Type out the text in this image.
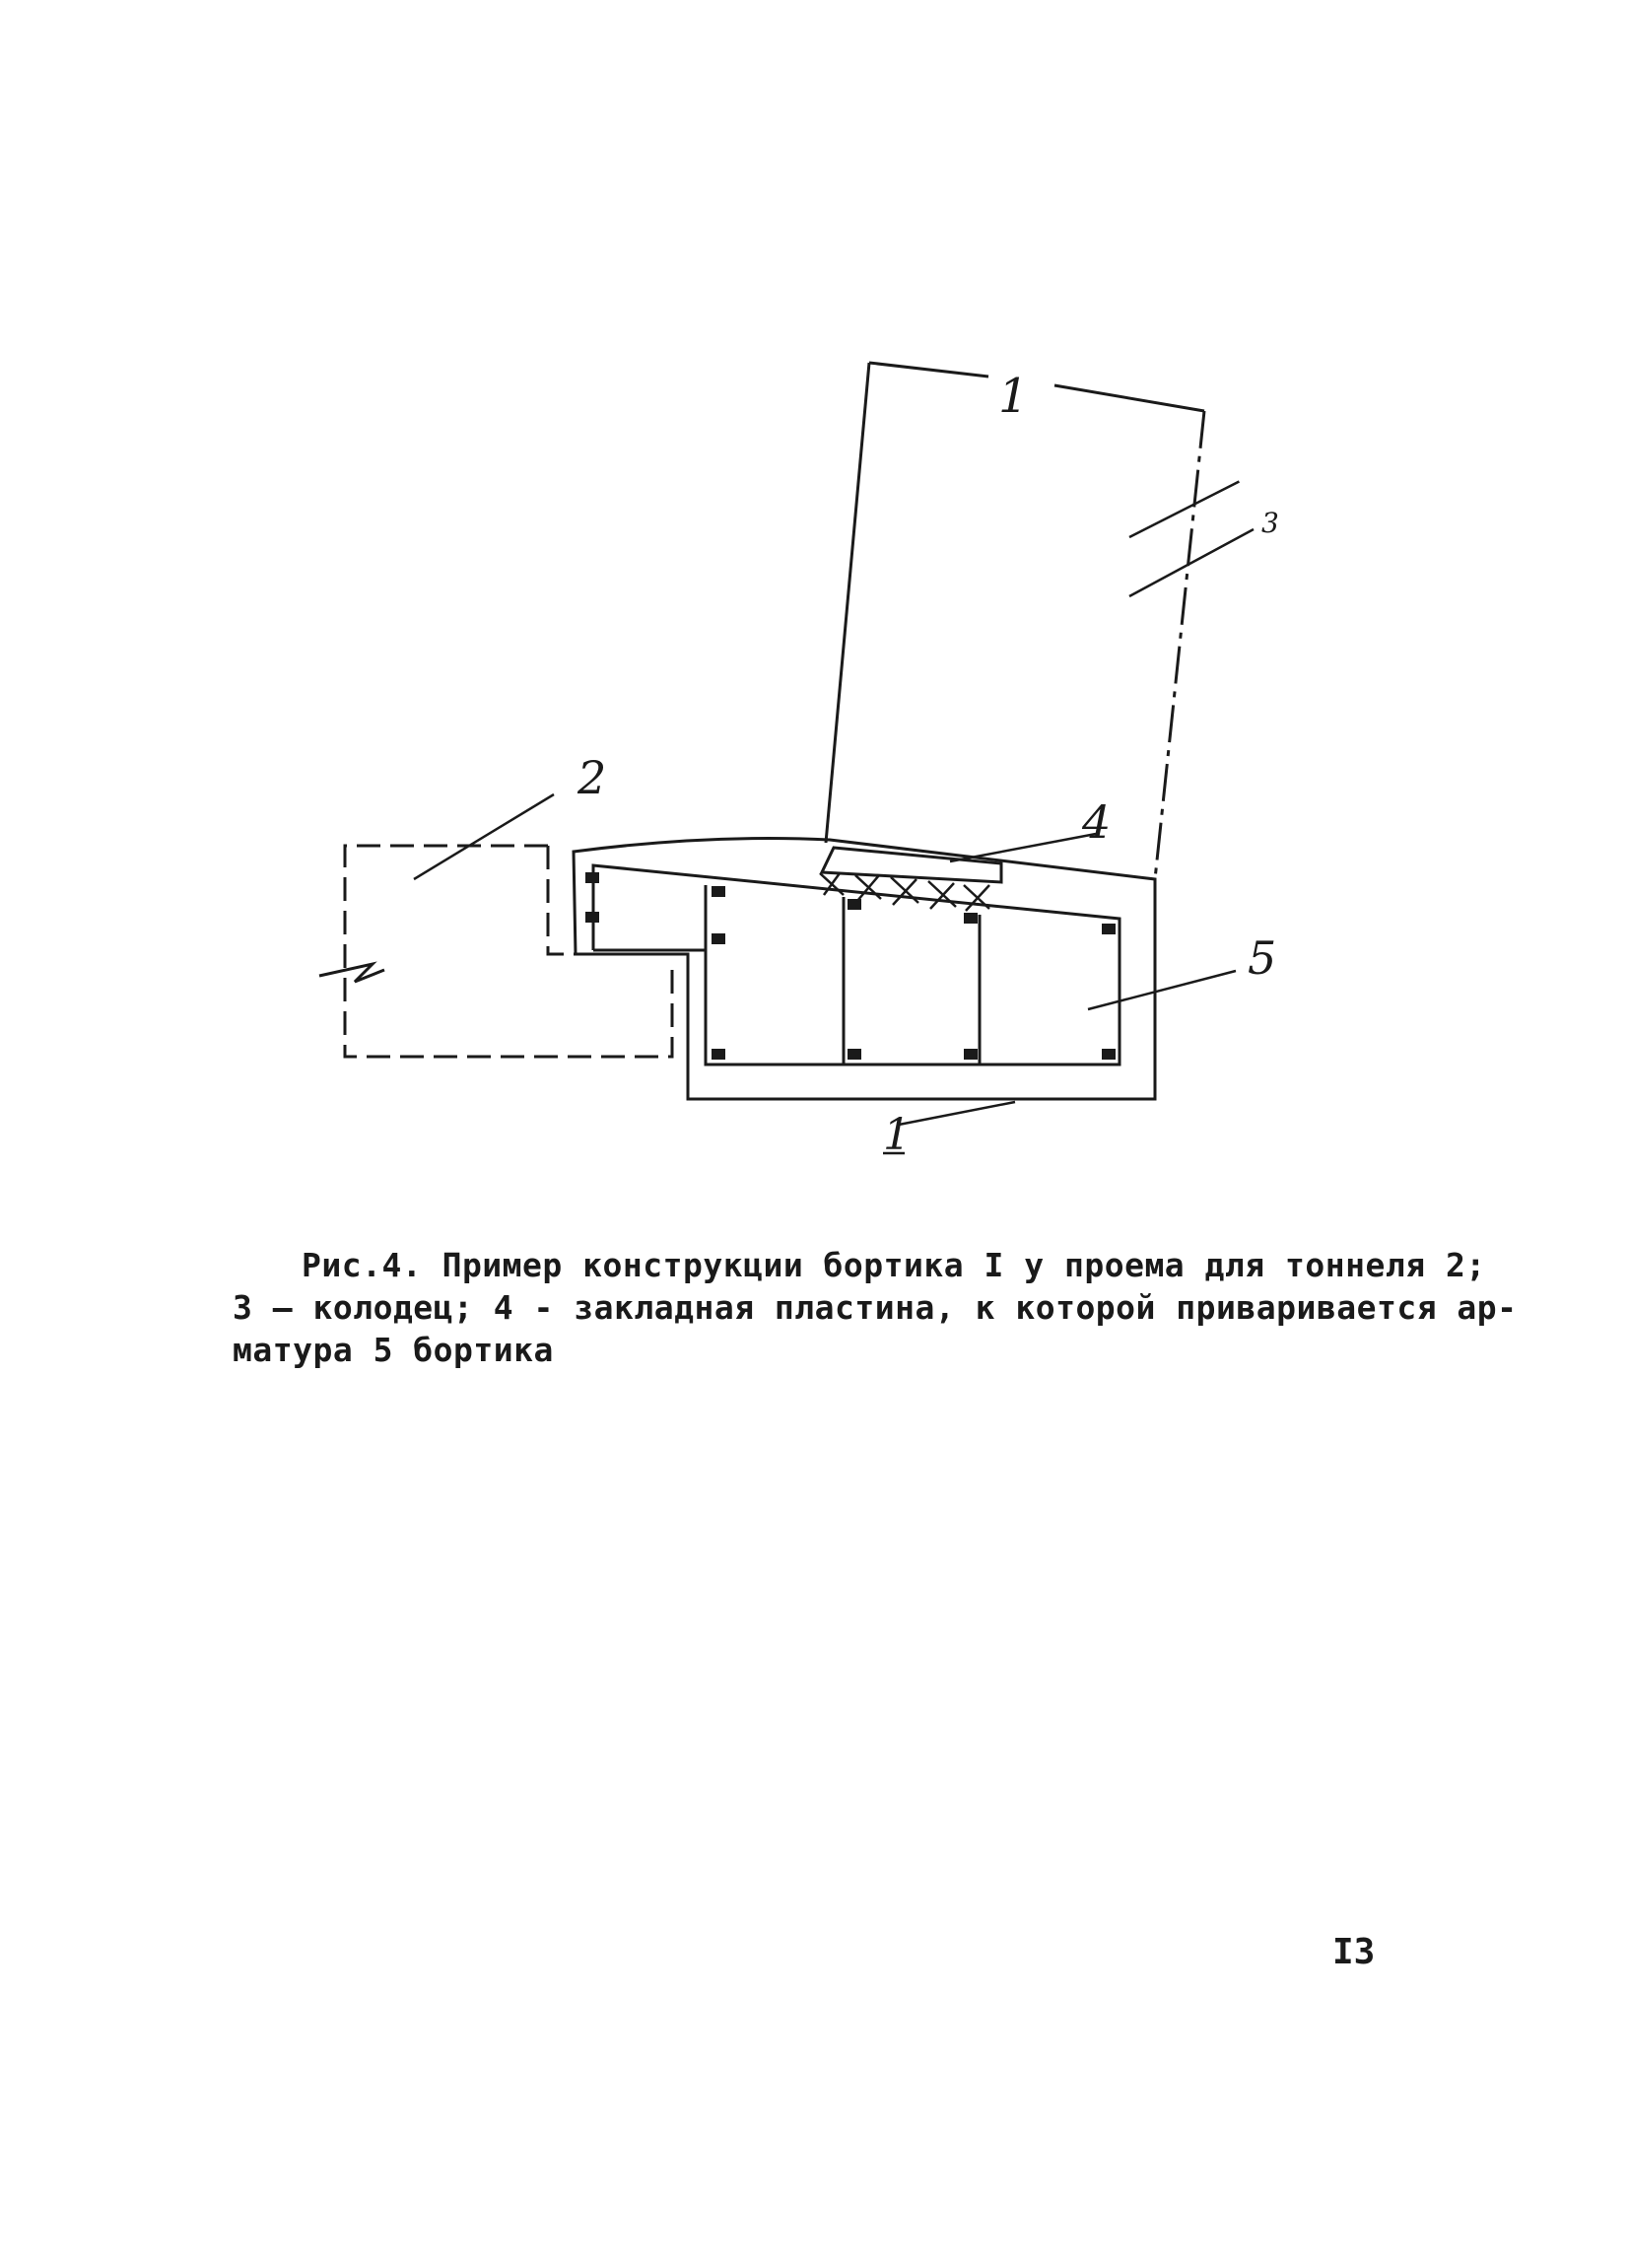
1
2
3
4
5
1
Рис.4. Пример конструкции бортика I у проема для тоннеля 2;
3 — колодец; 4 - закладная пластина, к которой приваривается ар-
матура 5 бортика
I3
